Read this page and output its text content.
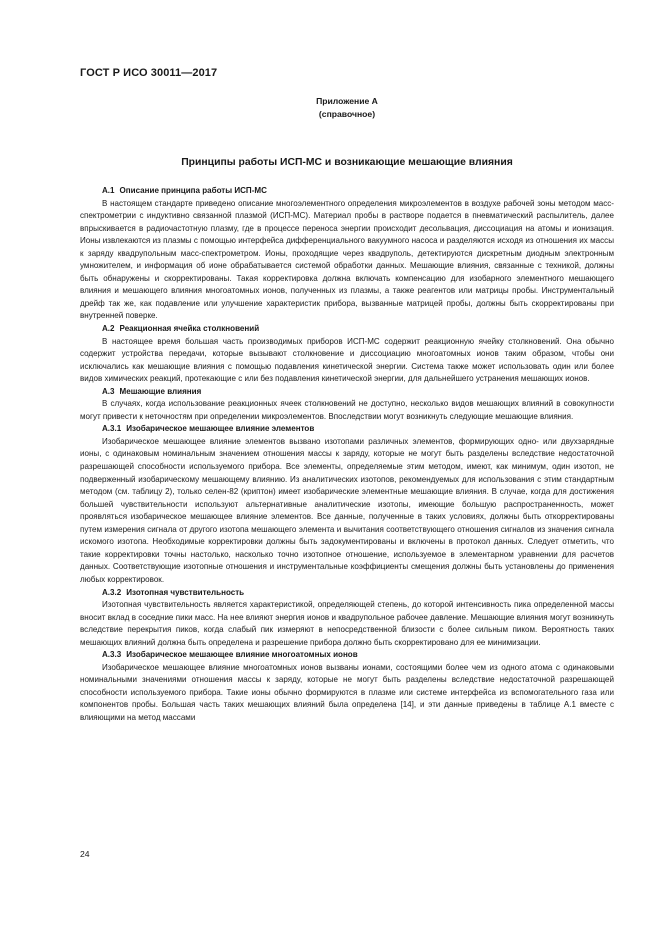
ГОСТ Р ИСО 30011—2017
Приложение А
(справочное)
Принципы работы ИСП-МС и возникающие мешающие влияния
А.1 Описание принципа работы ИСП-МС

В настоящем стандарте приведено описание многоэлементного определения микроэлементов в воздухе рабочей зоны методом масс-спектрометрии с индуктивно связанной плазмой (ИСП-МС). Материал пробы в раствоpe подается в пневматический распылитель, далее впрыскивается в радиочастотную плазму, где в процессе переноса энергии происходит десольвация, диссоциация на атомы и ионизация. Ионы извлекаются из плазмы с помощью интерфейса дифференциального вакуумного насоса и разделяются исходя из отношения их массы к заряду квадрупольным масс-спектрометром. Ионы, проходящие через квадруполь, детектируются дискретным диодным электронным умножителем, и информация об ионе обрабатывается системой обработки данных. Мешающие влияния, связанные с техникой, должны быть обнаружены и скорректированы. Такая корректировка должна включать компенсацию для изобарного элементного мешающего влияния и мешающего влияния многоатомных ионов, полученных из плазмы, а также реагентов или матрицы пробы. Инструментальный дрейф так же, как подавление или улучшение характеристик прибора, вызванные матрицей пробы, должны быть скорректированы при внутренней поверке.

А.2 Реакционная ячейка столкновений

В настоящее время большая часть производимых приборов ИСП-МС содержит реакционную ячейку столкновений. Она обычно содержит устройства передачи, которые вызывают столкновение и диссоциацию многоатомных ионов таким образом, чтобы они исключались как мешающие влияния с помощью подавления кинетической энергии. Система также может использовать один или более видов химических реакций, протекающие с или без подавления кинетической энергии, для дальнейшего устранения мешающих ионов.

А.3 Мешающие влияния

В случаях, когда использование реакционных ячеек столкновений не доступно, несколько видов мешающих влияний в совокупности могут привести к неточностям при определении микроэлементов. Впоследствии могут возникнуть следующие мешающие влияния.

А.3.1 Изобарическое мешающее влияние элементов

Изобарическое мешающее влияние элементов вызвано изотопами различных элементов, формирующих одно- или двухзарядные ионы, с одинаковым номинальным значением отношения массы к заряду, которые не могут быть разделены вследствие недостаточной разрешающей способности используемого прибора. Все элементы, определяемые этим методом, имеют, как минимум, один изотоп, не подверженный изобарическому мешающему влиянию. Из аналитических изотопов, рекомендуемых для использования с этим стандартным методом (см. таблицу 2), только селен-82 (криптон) имеет изобарические элементные мешающие влияния. В случае, когда для достижения большей чувствительности используют альтернативные аналитические изотопы, имеющие большую распространенность, может проявляться изобарическое мешающее влияние элементов. Все данные, полученные в таких условиях, должны быть откорректированы путем измерения сигнала от другого изотопа мешающего элемента и вычитания соответствующего отношения сигналов из значения сигнала искомого изотопа. Необходимые корректировки должны быть задокументированы и включены в протокол данных. Следует отметить, что такие корректировки точны настолько, насколько точно изотопное отношение, используемое в элементарном уравнении для расчетов данных. Соответствующие изотопные отношения и инструментальные коэффициенты смещения должны быть установлены до применения любых корректировок.

А.3.2 Изотопная чувствительность

Изотопная чувствительность является характеристикой, определяющей степень, до которой интенсивность пика определенной массы вносит вклад в соседние пики масс. На нее влияют энергия ионов и квадрупольное рабочее давление. Мешающие влияния могут возникнуть вследствие перекрытия пиков, когда слабый пик измеряют в непосредственной близости с более сильным пиком. Вероятность таких мешающих влияний должна быть определена и разрешение прибора должно быть скорректировано для ее минимизации.

А.3.3 Изобарическое мешающее влияние многоатомных ионов

Изобарическое мешающее влияние многоатомных ионов вызваны ионами, состоящими более чем из одного атома с одинаковыми номинальными значениями отношения массы к заряду, которые не могут быть разделены вследствие недостаточной разрешающей способности используемого прибора. Такие ионы обычно формируются в плазме или системе интерфейса из вспомогательного газа или компонентов пробы. Большая часть таких мешающих влияний была определена [14], и эти данные приведены в таблице А.1 вместе с влияющими на метод массами

24
